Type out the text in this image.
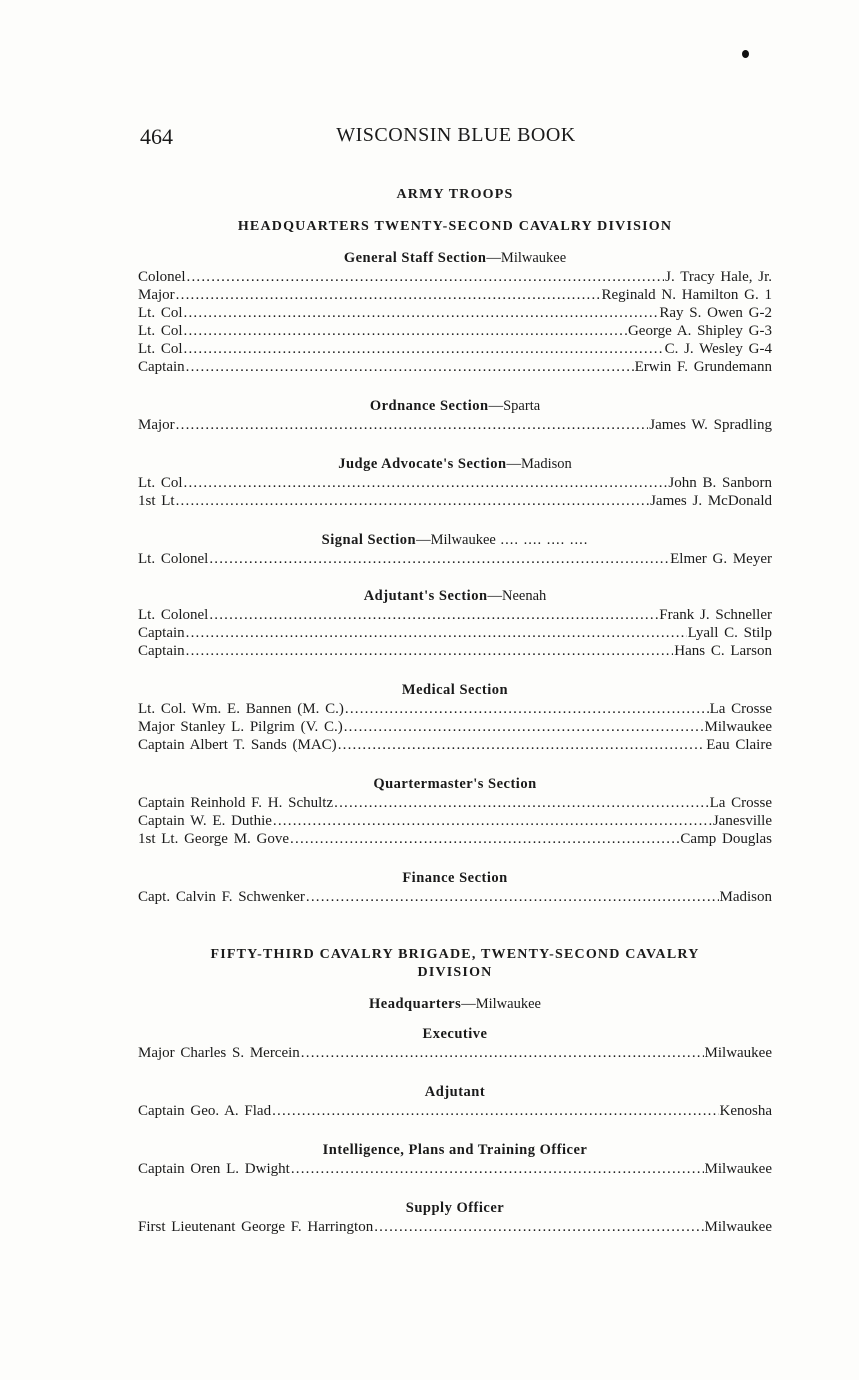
464	WISCONSIN BLUE BOOK
ARMY TROOPS
HEADQUARTERS TWENTY-SECOND CAVALRY DIVISION
General Staff Section—Milwaukee
Colonel .....	J. Tracy Hale, Jr.
Major .....	Reginald N. Hamilton G. 1
Lt. Col .....	Ray S. Owen G-2
Lt. Col .....	George A. Shipley G-3
Lt. Col .....	C. J. Wesley G-4
Captain .....	Erwin F. Grundemann
Ordnance Section—Sparta
Major .....	James W. Spradling
Judge Advocate's Section—Madison
Lt. Col .....	John B. Sanborn
1st Lt .....	James J. McDonald
Signal Section—Milwaukee .... .... .... ....
Lt. Colonel .....	Elmer G. Meyer
Adjutant's Section—Neenah
Lt. Colonel .....	Frank J. Schneller
Captain .....	Lyall C. Stilp
Captain .....	Hans C. Larson
Medical Section
Lt. Col. Wm. E. Bannen (M. C.) .....	La Crosse
Major Stanley L. Pilgrim (V. C.) .....	Milwaukee
Captain Albert T. Sands (MAC) .....	Eau Claire
Quartermaster's Section
Captain Reinhold F. H. Schultz .....	La Crosse
Captain W. E. Duthie .....	Janesville
1st Lt. George M. Gove .....	Camp Douglas
Finance Section
Capt. Calvin F. Schwenker .....	Madison
FIFTY-THIRD CAVALRY BRIGADE, TWENTY-SECOND CAVALRY
DIVISION
Headquarters—Milwaukee
Executive
Major Charles S. Mercein .....	Milwaukee
Adjutant
Captain Geo. A. Flad .....	Kenosha
Intelligence, Plans and Training Officer
Captain Oren L. Dwight .....	Milwaukee
Supply Officer
First Lieutenant George F. Harrington .....	Milwaukee
